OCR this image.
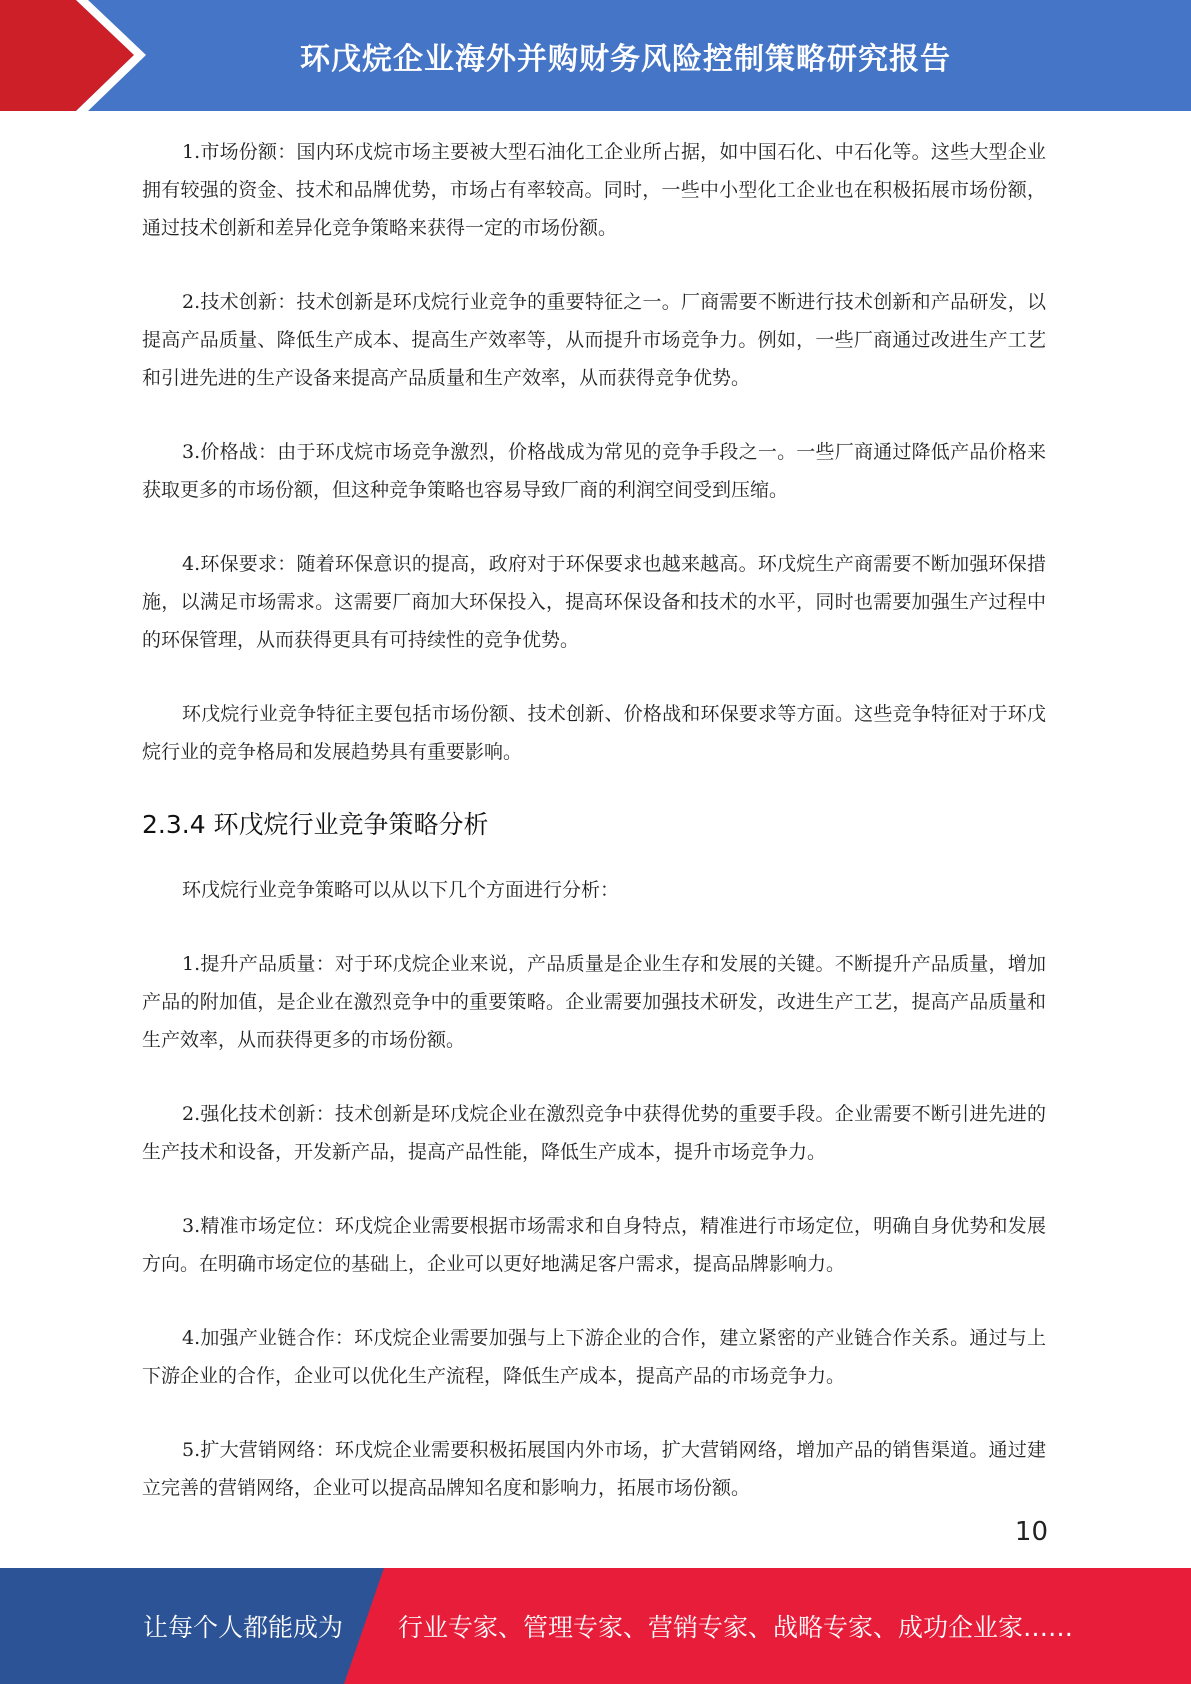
环戊烷企业海外并购财务风险控制策略研究报告

1.市场份额：国内环戊烷市场主要被大型石油化工企业所占据，如中国石化、中石化等。这些大型企业拥有较强的资金、技术和品牌优势，市场占有率较高。同时，一些中小型化工企业也在积极拓展市场份额，通过技术创新和差异化竞争策略来获得一定的市场份额。

2.技术创新：技术创新是环戊烷行业竞争的重要特征之一。厂商需要不断进行技术创新和产品研发，以提高产品质量、降低生产成本、提高生产效率等，从而提升市场竞争力。例如，一些厂商通过改进生产工艺和引进先进的生产设备来提高产品质量和生产效率，从而获得竞争优势。

3.价格战：由于环戊烷市场竞争激烈，价格战成为常见的竞争手段之一。一些厂商通过降低产品价格来获取更多的市场份额，但这种竞争策略也容易导致厂商的利润空间受到压缩。

4.环保要求：随着环保意识的提高，政府对于环保要求也越来越高。环戊烷生产商需要不断加强环保措施，以满足市场需求。这需要厂商加大环保投入，提高环保设备和技术的水平，同时也需要加强生产过程中的环保管理，从而获得更具有可持续性的竞争优势。

环戊烷行业竞争特征主要包括市场份额、技术创新、价格战和环保要求等方面。这些竞争特征对于环戊烷行业的竞争格局和发展趋势具有重要影响。

2.3.4 环戊烷行业竞争策略分析

环戊烷行业竞争策略可以从以下几个方面进行分析：

1.提升产品质量：对于环戊烷企业来说，产品质量是企业生存和发展的关键。不断提升产品质量，增加产品的附加值，是企业在激烈竞争中的重要策略。企业需要加强技术研发，改进生产工艺，提高产品质量和生产效率，从而获得更多的市场份额。

2.强化技术创新：技术创新是环戊烷企业在激烈竞争中获得优势的重要手段。企业需要不断引进先进的生产技术和设备，开发新产品，提高产品性能，降低生产成本，提升市场竞争力。

3.精准市场定位：环戊烷企业需要根据市场需求和自身特点，精准进行市场定位，明确自身优势和发展方向。在明确市场定位的基础上，企业可以更好地满足客户需求，提高品牌影响力。

4.加强产业链合作：环戊烷企业需要加强与上下游企业的合作，建立紧密的产业链合作关系。通过与上下游企业的合作，企业可以优化生产流程，降低生产成本，提高产品的市场竞争力。

5.扩大营销网络：环戊烷企业需要积极拓展国内外市场，扩大营销网络，增加产品的销售渠道。通过建立完善的营销网络，企业可以提高品牌知名度和影响力，拓展市场份额。

10
让每个人都能成为 行业专家、管理专家、营销专家、战略专家、成功企业家……
